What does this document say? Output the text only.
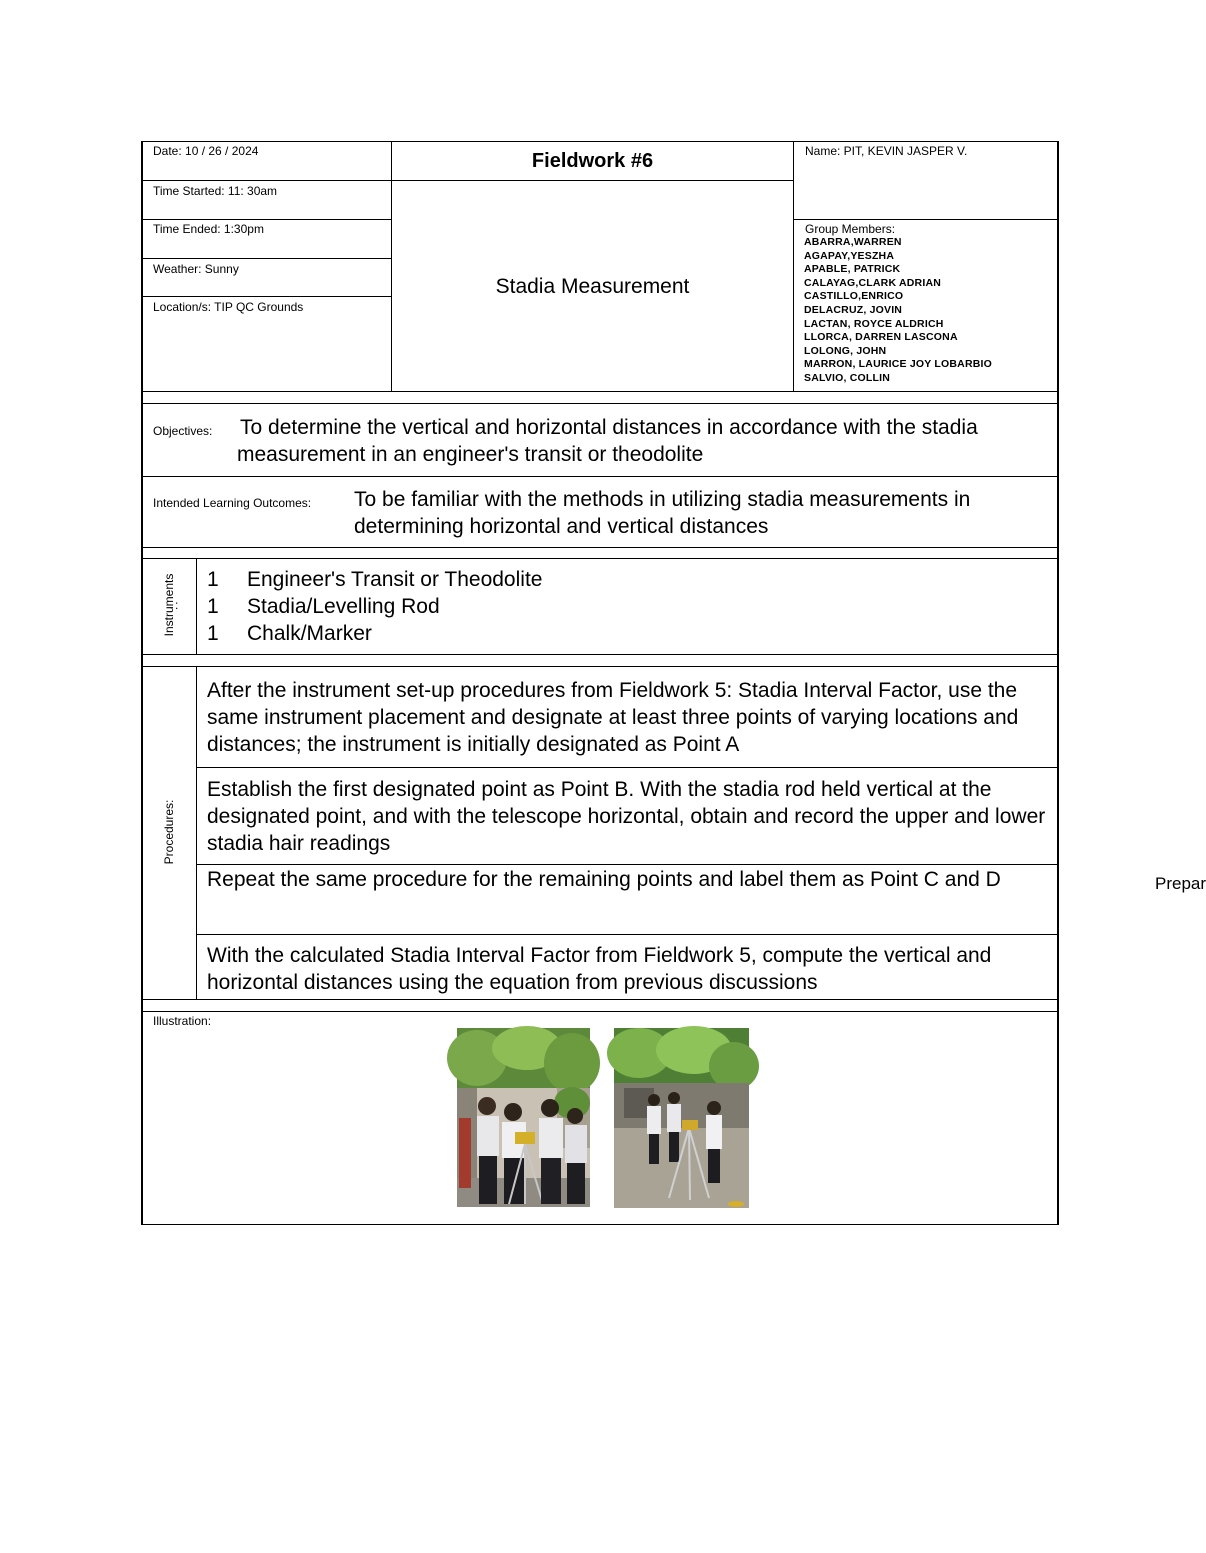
Date: 10 / 26 / 2024
Time Started: 11: 30am
Time Ended: 1:30pm
Weather: Sunny
Location/s: TIP QC Grounds
Fieldwork #6
Stadia Measurement
Name: PIT, KEVIN JASPER V.
Group Members:
ABARRA,WARREN
AGAPAY,YESZHA
APABLE, PATRICK
CALAYAG,CLARK ADRIAN
CASTILLO,ENRICO
DELACRUZ, JOVIN
LACTAN, ROYCE ALDRICH
LLORCA, DARREN LASCONA
LOLONG, JOHN
MARRON, LAURICE JOY LOBARBIO
SALVIO, COLLIN
Objectives: To determine the vertical and horizontal distances in accordance with the stadia measurement in an engineer's transit or theodolite
Intended Learning Outcomes: To be familiar with the methods in utilizing stadia measurements in determining horizontal and vertical distances
Instruments :
1 Engineer's Transit or Theodolite
1 Stadia/Levelling Rod
1 Chalk/Marker
Procedures:
After the instrument set-up procedures from Fieldwork 5: Stadia Interval Factor, use the same instrument placement and designate at least three points of varying locations and distances; the instrument is initially designated as Point A
Establish the first designated point as Point B. With the stadia rod held vertical at the designated point, and with the telescope horizontal, obtain and record the upper and lower stadia hair readings
Repeat the same procedure for the remaining points and label them as Point C and D
With the calculated Stadia Interval Factor from Fieldwork 5, compute the vertical and horizontal distances using the equation from previous discussions
Illustration:
Prepar
